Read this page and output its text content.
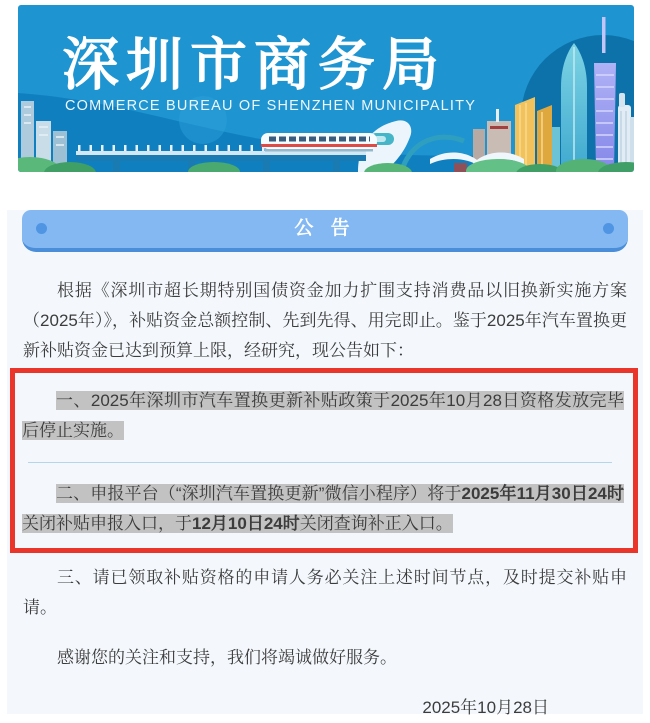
深圳市商务局
COMMERCE BUREAU OF SHENZHEN MUNICIPALITY
公 告

根据《深圳市超长期特别国债资金加力扩围支持消费品以旧换新实施方案（2025年）》，补贴资金总额控制、先到先得、用完即止。鉴于2025年汽车置换更新补贴资金已达到预算上限，经研究，现公告如下：

一、2025年深圳市汽车置换更新补贴政策于2025年10月28日资格发放完毕后停止实施。

二、申报平台（“深圳汽车置换更新”微信小程序）将于2025年11月30日24时关闭补贴申报入口，于12月10日24时关闭查询补正入口。

三、请已领取补贴资格的申请人务必关注上述时间节点，及时提交补贴申请。

感谢您的关注和支持，我们将竭诚做好服务。

2025年10月28日
